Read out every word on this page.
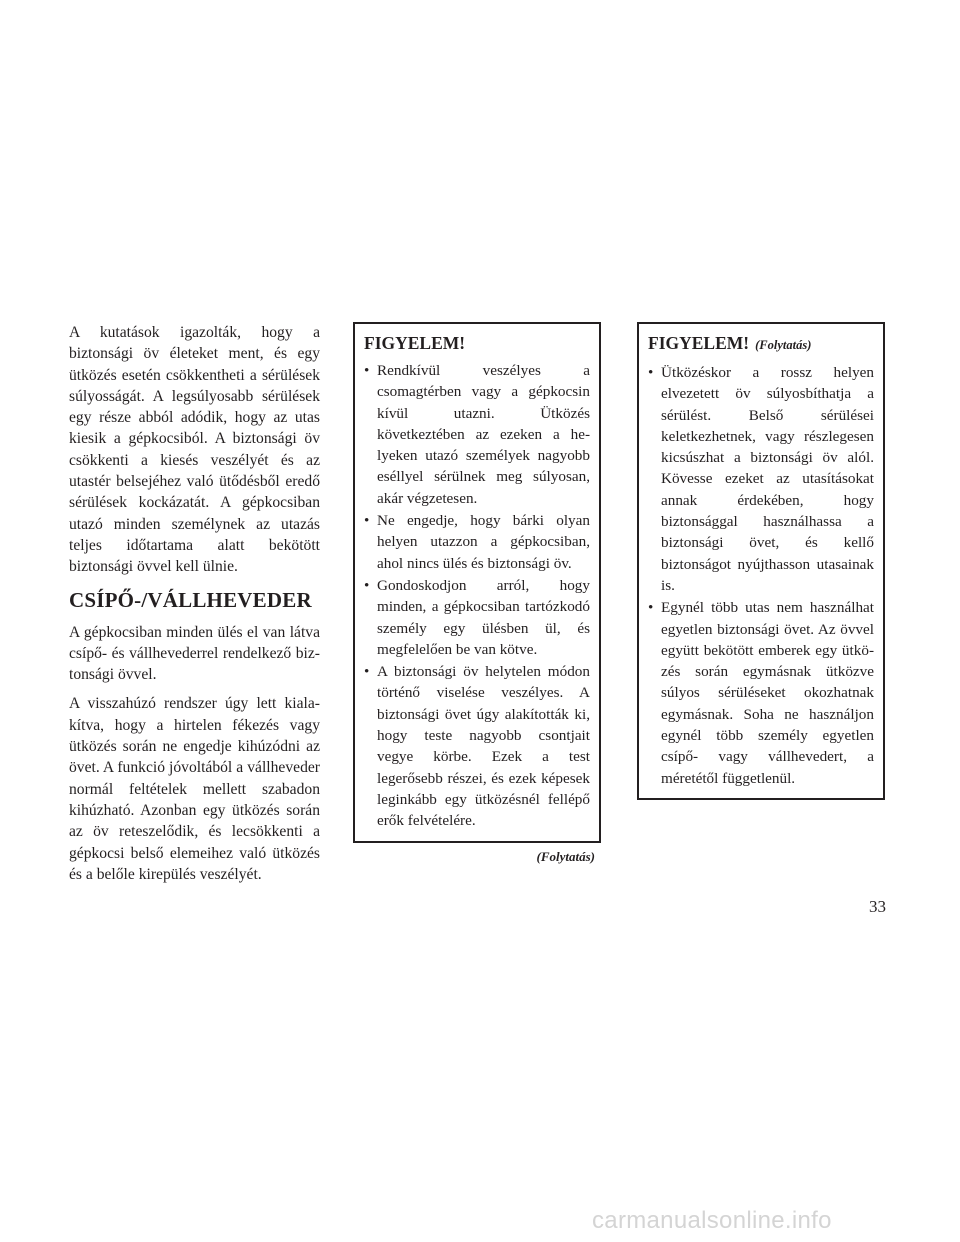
A kutatások igazolták, hogy a biztonsági öv életeket ment, és egy ütközés esetén csökkentheti a sérülések súlyosságát. A legsúlyosabb sérülések egy része abból adódik, hogy az utas kiesik a gépkocsiból. A biztonsági öv csökkenti a kiesés veszélyét és az utastér belsejéhez való ütődésből eredő sérülések kockázatát. A gépkocsiban utazó minden személynek az utazás teljes időtartama alatt bekötött biztonsági övvel kell ülnie.

CSÍPŐ-/VÁLLHEVEDER

A gépkocsiban minden ülés el van látva csípő- és vállhevederrel rendelkező biztonsági övvel.

A visszahúzó rendszer úgy lett kialakítva, hogy a hirtelen fékezés vagy ütközés során ne engedje kihúzódni az övet. A funkció jóvoltából a vállheveder normál feltételek mellett szabadon kihúzható. Azonban egy ütközés során az öv reteszelődik, és lecsökkenti a gépkocsi belső elemeihez való ütközés és a belőle kirepülés veszélyét.

FIGYELEM!
• Rendkívül veszélyes a csomagtérben vagy a gépkocsin kívül utazni. Ütközés következtében az ezeken a helyeken utazó személyek nagyobb eséllyel sérülnek meg súlyosan, akár végzetesen.
• Ne engedje, hogy bárki olyan helyen utazzon a gépkocsiban, ahol nincs ülés és biztonsági öv.
• Gondoskodjon arról, hogy minden, a gépkocsiban tartózkodó személy egy ülésben ül, és megfelelően be van kötve.
• A biztonsági öv helytelen módon történő viselése veszélyes. A biztonsági övet úgy alakították ki, hogy teste nagyobb csontjait vegye körbe. Ezek a test legerősebb részei, és ezek képesek leginkább egy ütközésnél fellépő erők felvételére.
(Folytatás)
FIGYELEM! (Folytatás)
• Ütközéskor a rossz helyen elvezetett öv súlyosbíthatja a sérülést. Belső sérülései keletkezhetnek, vagy részlegesen kicsúszhat a biztonsági öv alól. Kövesse ezeket az utasításokat annak érdekében, hogy biztonsággal használhassa a biztonsági övet, és kellő biztonságot nyújthasson utasainak is.
• Egynél több utas nem használhat egyetlen biztonsági övet. Az övvel együtt bekötött emberek egy ütközés során egymásnak ütközve súlyos sérüléseket okozhatnak egymásnak. Soha ne használjon egynél több személy egyetlen csípő- vagy vállhevedert, a méretétől függetlenül.
33
carmanualsonline.info
